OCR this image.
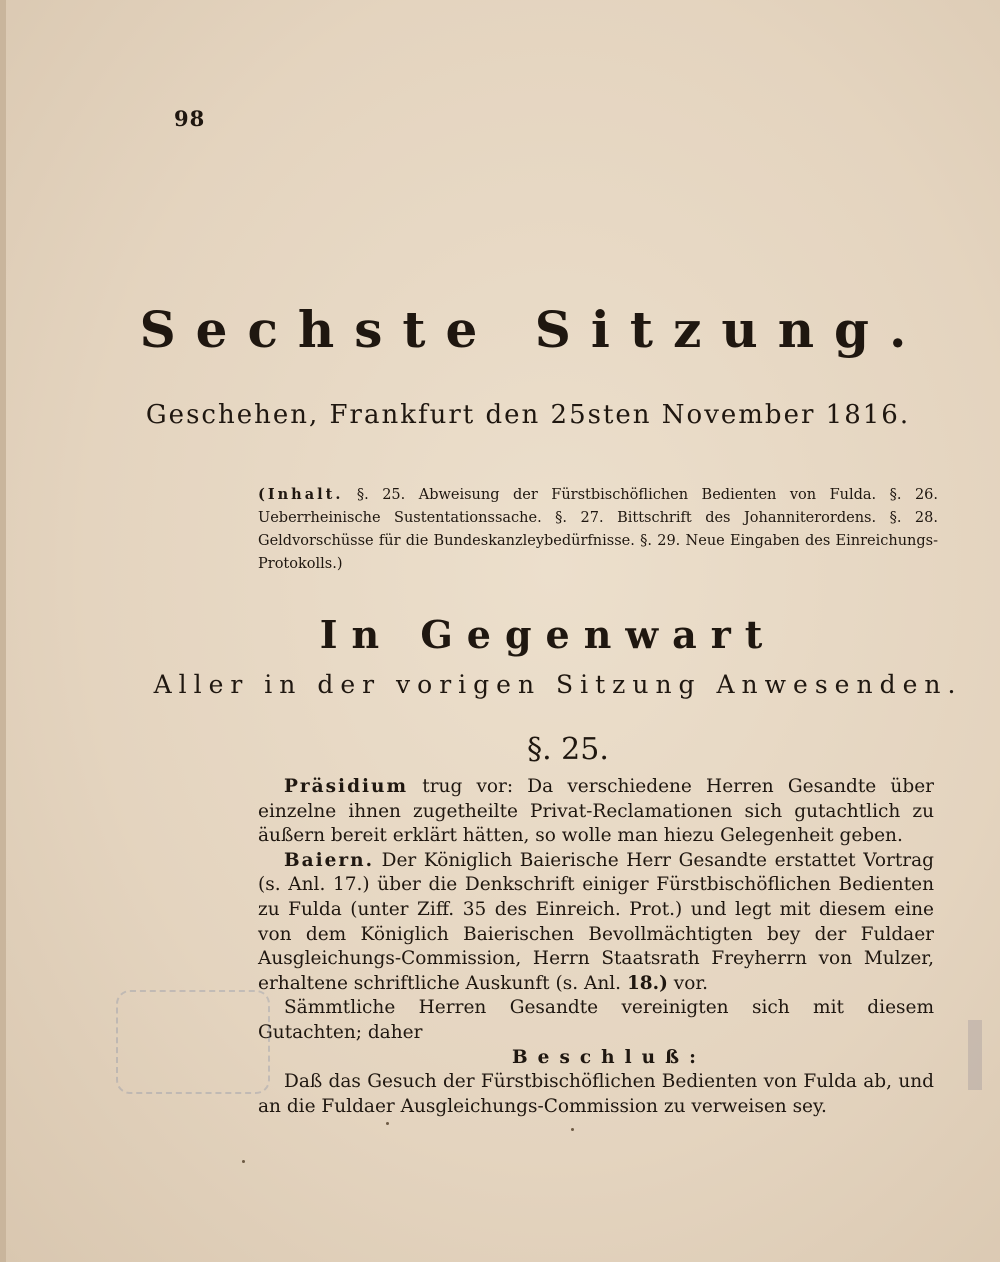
98
Sechste Sitzung.
Geschehen, Frankfurt den 25sten November 1816.
(Inhalt. §. 25. Abweisung der Fürstbischöflichen Bedienten von Fulda. §. 26. Ueberrheinische Sustentationssache. §. 27. Bittschrift des Johanniterordens. §. 28. Geldvorschüsse für die Bundeskanzleybedürfnisse. §. 29. Neue Eingaben des Einreichungs-Protokolls.)
In Gegenwart
Aller in der vorigen Sitzung Anwesenden.
§. 25.

Präsidium trug vor: Da verschiedene Herren Gesandte über einzelne ihnen zugetheilte Privat-Reclamationen sich gutachtlich zu äußern bereit erklärt hätten, so wolle man hiezu Gelegenheit geben.

Baiern. Der Königlich Baierische Herr Gesandte erstattet Vortrag (s. Anl. 17.) über die Denkschrift einiger Fürstbischöflichen Bedienten zu Fulda (unter Ziff. 35 des Einreich. Prot.) und legt mit diesem eine von dem Königlich Baierischen Bevollmächtigten bey der Fuldaer Ausgleichungs-Commission, Herrn Staatsrath Freyherrn von Mulzer, erhaltene schriftliche Auskunft (s. Anl. 18.) vor.

Sämmtliche Herren Gesandte vereinigten sich mit diesem Gutachten; daher

Beschluß:

Daß das Gesuch der Fürstbischöflichen Bedienten von Fulda ab, und an die Fuldaer Ausgleichungs-Commission zu verweisen sey.
